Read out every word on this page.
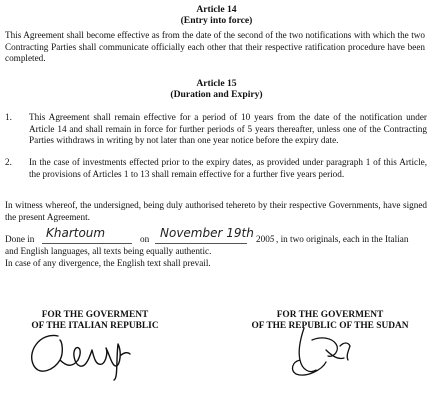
Article 14
(Entry into force)
This Agreement shall become effective as from the date of the second of the two notifications with which the two Contracting Parties shall communicate officially each other that their respective ratification procedure have been completed.
Article 15
(Duration and Expiry)
1. This Agreement shall remain effective for a period of 10 years from the date of the notification under Article 14 and shall remain in force for further periods of 5 years thereafter, unless one of the Contracting Parties withdraws in writing by not later than one year notice before the expiry date.
2. In the case of investments effected prior to the expiry dates, as provided under paragraph 1 of this Article, the provisions of Articles 1 to 13 shall remain effective for a further five years period.
In witness whereof, the undersigned, being duly authorised tehereto by their respective Governments, have signed the present Agreement.
Done in Khartoum	on November 19th 2005 , in two originals, each in the Italian
and English languages, all texts being equally authentic.
In case of any divergence, the English text shall prevail.
FOR THE GOVERMENT
OF THE ITALIAN REPUBLIC
FOR THE GOVERMENT
OF THE REPUBLIC OF THE SUDAN
